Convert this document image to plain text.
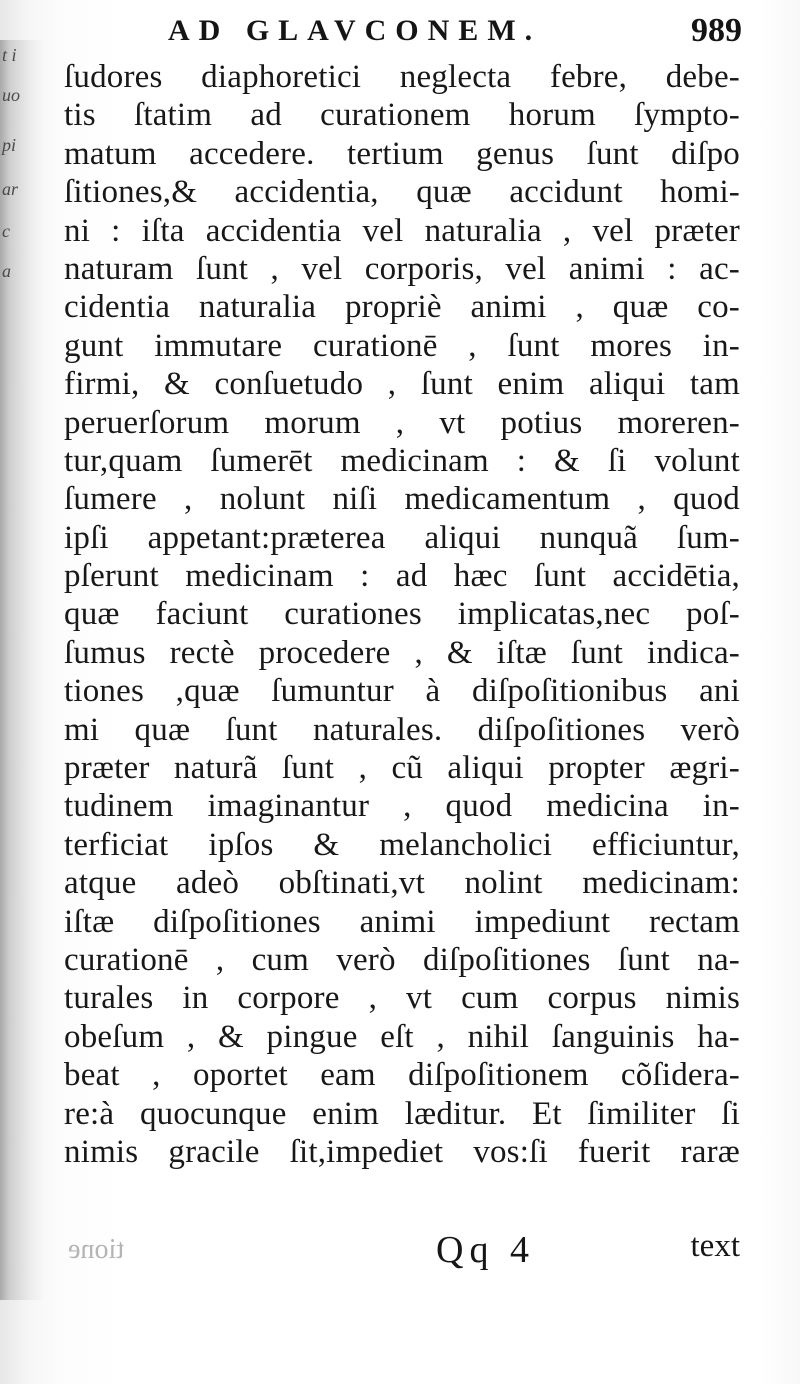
t i
uo
pi
ar
c
a
AD GLAVCONEM.	989
ſudores diaphoretici neglecta febre, debe-
tis ſtatim ad curationem horum ſympto-
matum accedere. tertium genus ſunt diſpo
ſitiones,& accidentia, quæ accidunt homi-
ni : iſta accidentia vel naturalia , vel præter
naturam ſunt , vel corporis, vel animi : ac-
cidentia naturalia propriè animi , quæ co-
gunt immutare curationē , ſunt mores in-
firmi, & conſuetudo , ſunt enim aliqui tam
peruerſorum morum , vt potius moreren-
tur,quam ſumerēt medicinam : & ſi volunt
ſumere , nolunt niſi medicamentum , quod
ipſi appetant:præterea aliqui nunquã ſum-
pſerunt medicinam : ad hæc ſunt accidētia,
quæ faciunt curationes implicatas,nec poſ-
ſumus rectè procedere , & iſtæ ſunt indica-
tiones ,quæ ſumuntur à diſpoſitionibus ani
mi quæ ſunt naturales. diſpoſitiones verò
præter naturã ſunt , cũ aliqui propter ægri-
tudinem imaginantur , quod medicina in-
terficiat ipſos & melancholici efficiuntur,
atque adeò obſtinati,vt nolint medicinam:
iſtæ diſpoſitiones animi impediunt rectam
curationē , cum verò diſpoſitiones ſunt na-
turales in corpore , vt cum corpus nimis
obeſum , & pingue eſt , nihil ſanguinis ha-
beat , oportet eam diſpoſitionem cõſidera-
re:à quocunque enim læditur. Et ſimiliter ſi
nimis gracile ſit,impediet vos:ſi fuerit raræ
tione	Qq 4	text
